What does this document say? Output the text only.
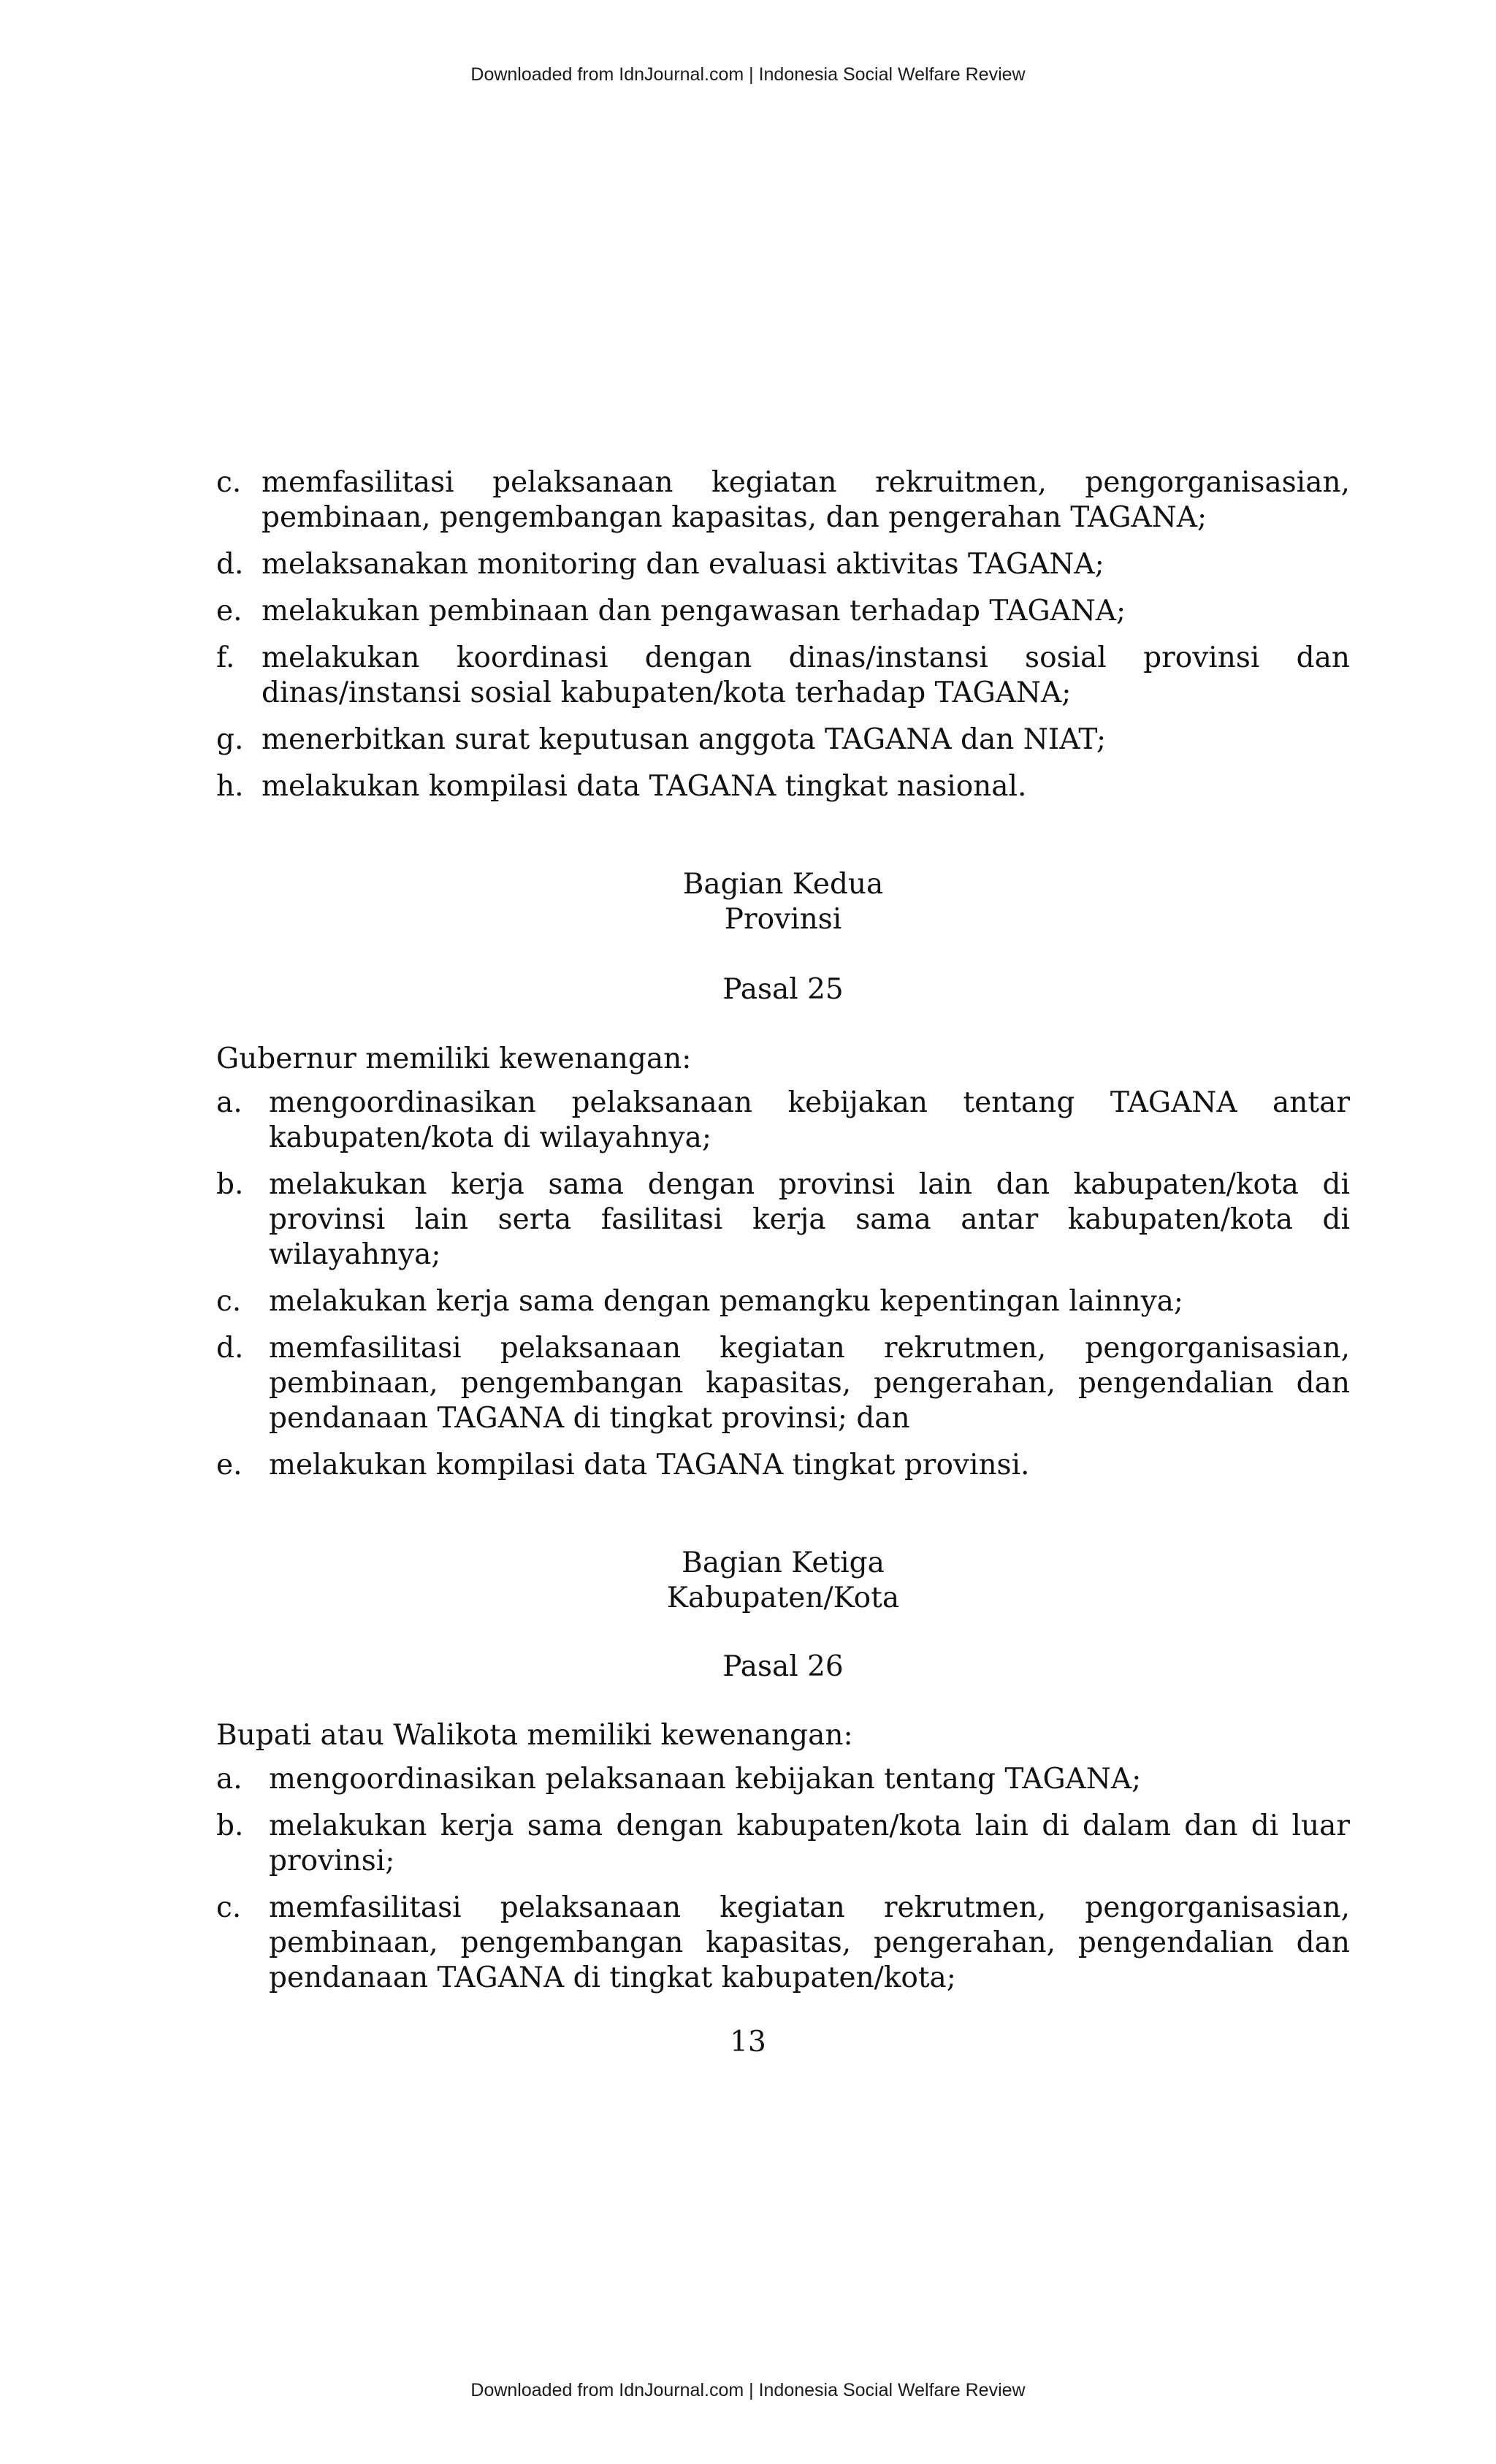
Downloaded from IdnJournal.com | Indonesia Social Welfare Review
c. memfasilitasi pelaksanaan kegiatan rekruitmen, pengorganisasian, pembinaan, pengembangan kapasitas, dan pengerahan TAGANA;
d. melaksanakan monitoring dan evaluasi aktivitas TAGANA;
e. melakukan pembinaan dan pengawasan terhadap TAGANA;
f. melakukan koordinasi dengan dinas/instansi sosial provinsi dan dinas/instansi sosial kabupaten/kota terhadap TAGANA;
g. menerbitkan surat keputusan anggota TAGANA dan NIAT;
h. melakukan kompilasi data TAGANA tingkat nasional.

Bagian Kedua

Provinsi

Pasal 25

Gubernur memiliki kewenangan:

a. mengoordinasikan pelaksanaan kebijakan tentang TAGANA antar kabupaten/kota di wilayahnya;
b. melakukan kerja sama dengan provinsi lain dan kabupaten/kota di provinsi lain serta fasilitasi kerja sama antar kabupaten/kota di wilayahnya;
c. melakukan kerja sama dengan pemangku kepentingan lainnya;
d. memfasilitasi pelaksanaan kegiatan rekrutmen, pengorganisasian, pembinaan, pengembangan kapasitas, pengerahan, pengendalian dan pendanaan TAGANA di tingkat provinsi; dan
e. melakukan kompilasi data TAGANA tingkat provinsi.

Bagian Ketiga

Kabupaten/Kota

Pasal 26

Bupati atau Walikota memiliki kewenangan:

a. mengoordinasikan pelaksanaan kebijakan tentang TAGANA;
b. melakukan kerja sama dengan kabupaten/kota lain di dalam dan di luar provinsi;
c. memfasilitasi pelaksanaan kegiatan rekrutmen, pengorganisasian, pembinaan, pengembangan kapasitas, pengerahan, pengendalian dan pendanaan TAGANA di tingkat kabupaten/kota;
13
Downloaded from IdnJournal.com | Indonesia Social Welfare Review
